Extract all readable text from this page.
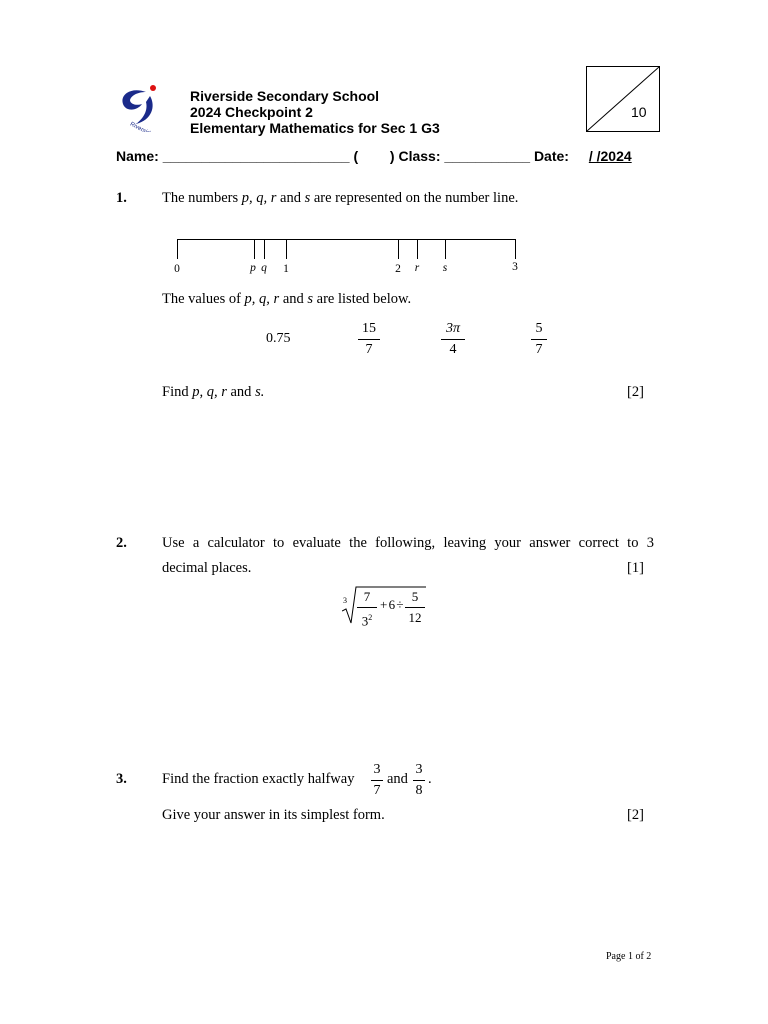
Riverside
Riverside Secondary School
2024 Checkpoint 2
Elementary Mathematics for Sec 1 G3
10
Name: ________________________ ( ) Class: ___________ Date: / /2024
1. The numbers p, q, r and s are represented on the number line.
0	p q	1	2	r	s	3
The values of p, q, r and s are listed below.
0.75	$\frac{15}{7}$	$\frac{3\pi}{4}$	$\frac{5}{7}$
Find p, q, r and s.	[2]
2. Use a calculator to evaluate the following, leaving your answer correct to 3
decimal places.	[1]
$3 \frac{7}{3^2} + 6 \div \frac{5}{12}$
3. Find the fraction exactly halfway $\frac{3}{7}$ and $\frac{3}{8}$ .
Give your answer in its simplest form.	[2]
Page 1 of 2
